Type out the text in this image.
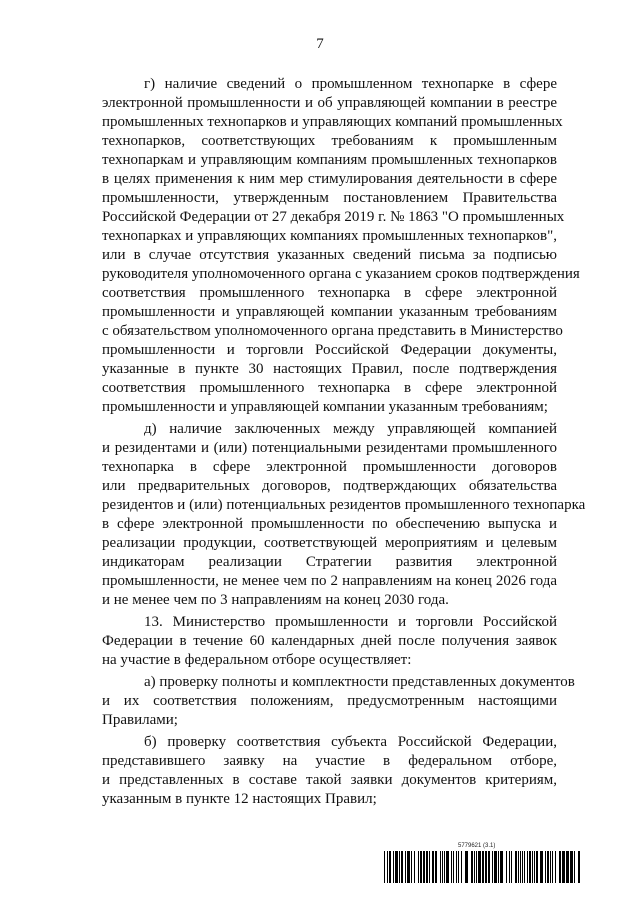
7
г) наличие сведений о промышленном технопарке в сфере
электронной промышленности и об управляющей компании в реестре
промышленных технопарков и управляющих компаний промышленных
технопарков, соответствующих требованиям к промышленным
технопаркам и управляющим компаниям промышленных технопарков
в целях применения к ним мер стимулирования деятельности в сфере
промышленности, утвержденным постановлением Правительства
Российской Федерации от 27 декабря 2019 г. № 1863 "О промышленных
технопарках и управляющих компаниях промышленных технопарков",
или в случае отсутствия указанных сведений письма за подписью
руководителя уполномоченного органа с указанием сроков подтверждения
соответствия промышленного технопарка в сфере электронной
промышленности и управляющей компании указанным требованиям
с обязательством уполномоченного органа представить в Министерство
промышленности и торговли Российской Федерации документы,
указанные в пункте 30 настоящих Правил, после подтверждения
соответствия промышленного технопарка в сфере электронной
промышленности и управляющей компании указанным требованиям;
д) наличие заключенных между управляющей компанией
и резидентами и (или) потенциальными резидентами промышленного
технопарка в сфере электронной промышленности договоров
или предварительных договоров, подтверждающих обязательства
резидентов и (или) потенциальных резидентов промышленного технопарка
в сфере электронной промышленности по обеспечению выпуска и
реализации продукции, соответствующей мероприятиям и целевым
индикаторам реализации Стратегии развития электронной
промышленности, не менее чем по 2 направлениям на конец 2026 года
и не менее чем по 3 направлениям на конец 2030 года.
13. Министерство промышленности и торговли Российской
Федерации в течение 60 календарных дней после получения заявок
на участие в федеральном отборе осуществляет:
а) проверку полноты и комплектности представленных документов
и их соответствия положениям, предусмотренным настоящими
Правилами;
б) проверку соответствия субъекта Российской Федерации,
представившего заявку на участие в федеральном отборе,
и представленных в составе такой заявки документов критериям,
указанным в пункте 12 настоящих Правил;
5779621 (3.1)
